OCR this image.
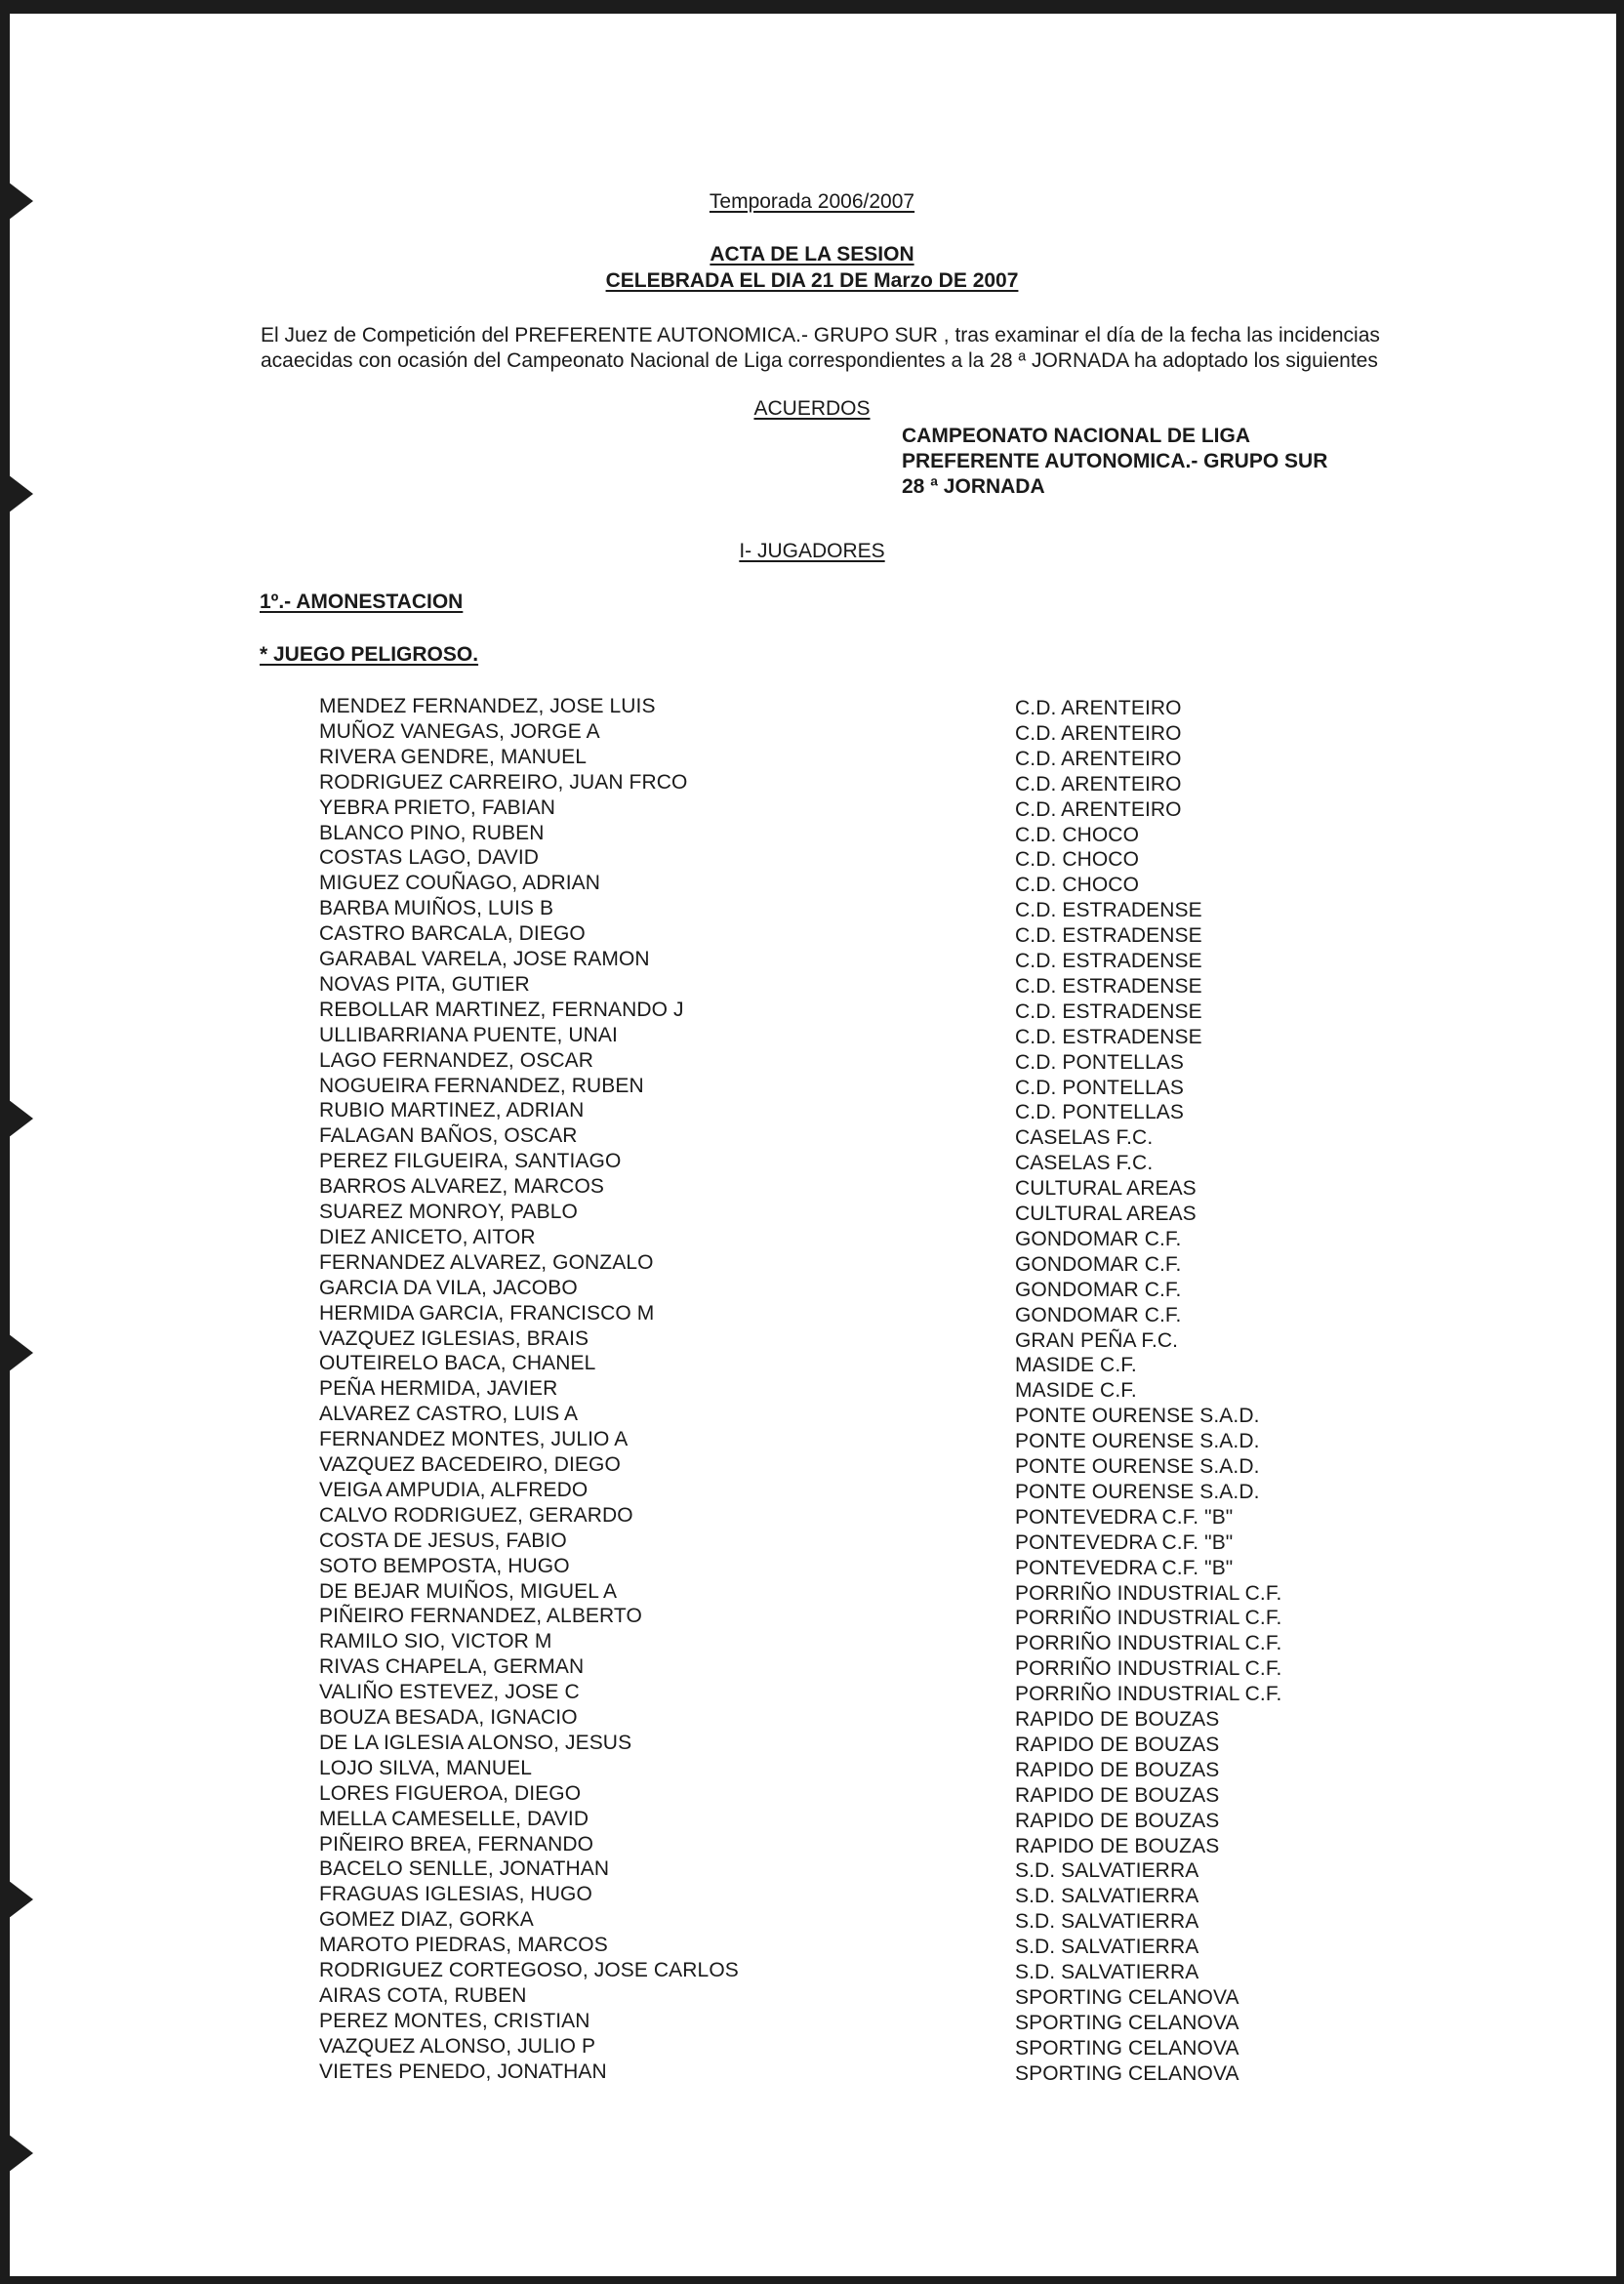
Temporada 2006/2007
ACTA DE LA SESION
CELEBRADA EL DIA 21 DE Marzo DE 2007
El Juez de Competición del PREFERENTE AUTONOMICA.- GRUPO SUR , tras examinar el día de la fecha las incidencias
acaecidas con ocasión del Campeonato Nacional de Liga correspondientes a la 28 ª JORNADA ha adoptado los siguientes
ACUERDOS
CAMPEONATO NACIONAL DE LIGA
PREFERENTE AUTONOMICA.- GRUPO SUR
28 ª JORNADA
I- JUGADORES
1º.- AMONESTACION
* JUEGO PELIGROSO.
MENDEZ FERNANDEZ, JOSE LUIS	C.D. ARENTEIRO
MUÑOZ VANEGAS, JORGE A	C.D. ARENTEIRO
RIVERA GENDRE, MANUEL	C.D. ARENTEIRO
RODRIGUEZ CARREIRO, JUAN FRCO	C.D. ARENTEIRO
YEBRA PRIETO, FABIAN	C.D. ARENTEIRO
BLANCO PINO, RUBEN	C.D. CHOCO
COSTAS LAGO, DAVID	C.D. CHOCO
MIGUEZ COUÑAGO, ADRIAN	C.D. CHOCO
BARBA MUIÑOS, LUIS B	C.D. ESTRADENSE
CASTRO BARCALA, DIEGO	C.D. ESTRADENSE
GARABAL VARELA, JOSE RAMON	C.D. ESTRADENSE
NOVAS PITA, GUTIER	C.D. ESTRADENSE
REBOLLAR MARTINEZ, FERNANDO J	C.D. ESTRADENSE
ULLIBARRIANA PUENTE, UNAI	C.D. ESTRADENSE
LAGO FERNANDEZ, OSCAR	C.D. PONTELLAS
NOGUEIRA FERNANDEZ, RUBEN	C.D. PONTELLAS
RUBIO MARTINEZ, ADRIAN	C.D. PONTELLAS
FALAGAN BAÑOS, OSCAR	CASELAS F.C.
PEREZ FILGUEIRA, SANTIAGO	CASELAS F.C.
BARROS ALVAREZ, MARCOS	CULTURAL AREAS
SUAREZ MONROY, PABLO	CULTURAL AREAS
DIEZ ANICETO, AITOR	GONDOMAR C.F.
FERNANDEZ ALVAREZ, GONZALO	GONDOMAR C.F.
GARCIA DA VILA, JACOBO	GONDOMAR C.F.
HERMIDA GARCIA, FRANCISCO M	GONDOMAR C.F.
VAZQUEZ IGLESIAS, BRAIS	GRAN PEÑA F.C.
OUTEIRELO BACA, CHANEL	MASIDE C.F.
PEÑA HERMIDA, JAVIER	MASIDE C.F.
ALVAREZ CASTRO, LUIS A	PONTE OURENSE S.A.D.
FERNANDEZ MONTES, JULIO A	PONTE OURENSE S.A.D.
VAZQUEZ BACEDEIRO, DIEGO	PONTE OURENSE S.A.D.
VEIGA AMPUDIA, ALFREDO	PONTE OURENSE S.A.D.
CALVO RODRIGUEZ, GERARDO	PONTEVEDRA C.F. "B"
COSTA DE JESUS, FABIO	PONTEVEDRA C.F. "B"
SOTO BEMPOSTA, HUGO	PONTEVEDRA C.F. "B"
DE BEJAR MUIÑOS, MIGUEL A	PORRIÑO INDUSTRIAL C.F.
PIÑEIRO FERNANDEZ, ALBERTO	PORRIÑO INDUSTRIAL C.F.
RAMILO SIO, VICTOR M	PORRIÑO INDUSTRIAL C.F.
RIVAS CHAPELA, GERMAN	PORRIÑO INDUSTRIAL C.F.
VALIÑO ESTEVEZ, JOSE C	PORRIÑO INDUSTRIAL C.F.
BOUZA BESADA, IGNACIO	RAPIDO DE BOUZAS
DE LA IGLESIA ALONSO, JESUS	RAPIDO DE BOUZAS
LOJO SILVA, MANUEL	RAPIDO DE BOUZAS
LORES FIGUEROA, DIEGO	RAPIDO DE BOUZAS
MELLA CAMESELLE, DAVID	RAPIDO DE BOUZAS
PIÑEIRO BREA, FERNANDO	RAPIDO DE BOUZAS
BACELO SENLLE, JONATHAN	S.D. SALVATIERRA
FRAGUAS IGLESIAS, HUGO	S.D. SALVATIERRA
GOMEZ DIAZ, GORKA	S.D. SALVATIERRA
MAROTO PIEDRAS, MARCOS	S.D. SALVATIERRA
RODRIGUEZ CORTEGOSO, JOSE CARLOS	S.D. SALVATIERRA
AIRAS COTA, RUBEN	SPORTING CELANOVA
PEREZ MONTES, CRISTIAN	SPORTING CELANOVA
VAZQUEZ ALONSO, JULIO P	SPORTING CELANOVA
VIETES PENEDO, JONATHAN	SPORTING CELANOVA
